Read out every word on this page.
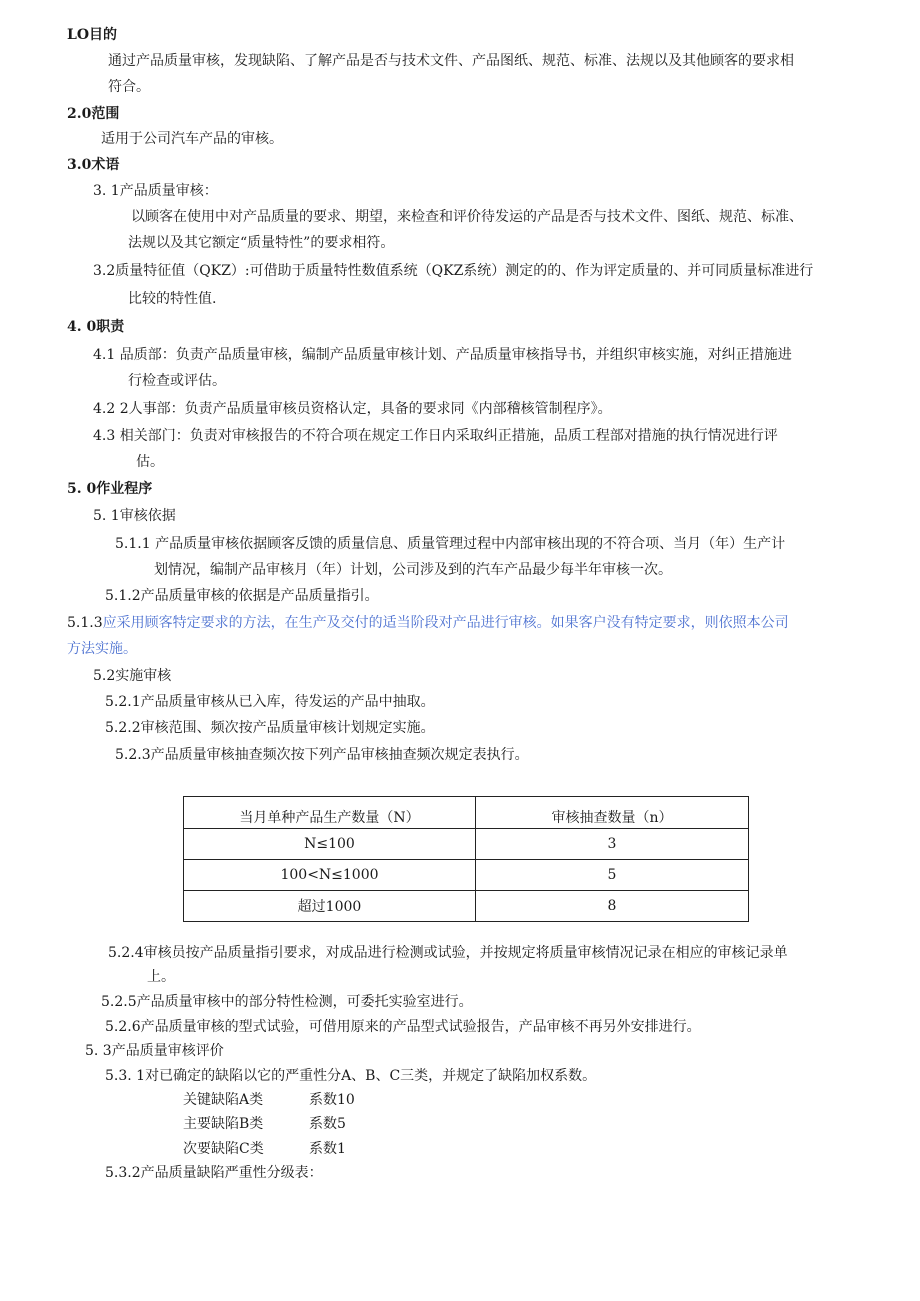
LO目的
通过产品质量审核，发现缺陷、了解产品是否与技术文件、产品图纸、规范、标准、法规以及其他顾客的要求相
符合。
2.0范围
适用于公司汽车产品的审核。
3.0术语
3. 1产品质量审核：
以顾客在使用中对产品质量的要求、期望，来检查和评价待发运的产品是否与技术文件、图纸、规范、标准、
法规以及其它额定“质量特性”的要求相符。
3.2质量特征值（QKZ）:可借助于质量特性数值系统（QKZ系统）测定的的、作为评定质量的、并可同质量标准进行
比较的特性值.
4. 0职责
4.1 品质部：负责产品质量审核，编制产品质量审核计划、产品质量审核指导书，并组织审核实施，对纠正措施进
行检查或评估。
4.2 2人事部：负责产品质量审核员资格认定，具备的要求同《内部稽核管制程序》。
4.3 相关部门：负责对审核报告的不符合项在规定工作日内采取纠正措施，品质工程部对措施的执行情况进行评
估。
5. 0作业程序
5. 1审核依据
5.1.1 产品质量审核依据顾客反馈的质量信息、质量管理过程中内部审核出现的不符合项、当月（年）生产计
划情况，编制产品审核月（年）计划，公司涉及到的汽车产品最少每半年审核一次。
5.1.2产品质量审核的依据是产品质量指引。
5.1.3应采用顾客特定要求的方法，在生产及交付的适当阶段对产品进行审核。如果客户没有特定要求，则依照本公司
方法实施。
5.2实施审核
5.2.1产品质量审核从已入库，待发运的产品中抽取。
5.2.2审核范围、频次按产品质量审核计划规定实施。
5.2.3产品质量审核抽查频次按下列产品审核抽查频次规定表执行。
当月单种产品生产数量（N）	审核抽查数量（n）
N≤100	3
100<N≤1000	5
超过1000	8
5.2.4审核员按产品质量指引要求，对成品进行检测或试验，并按规定将质量审核情况记录在相应的审核记录单
上。
5.2.5产品质量审核中的部分特性检测，可委托实验室进行。
5.2.6产品质量审核的型式试验，可借用原来的产品型式试验报告，产品审核不再另外安排进行。
5. 3产品质量审核评价
5.3. 1对已确定的缺陷以它的严重性分A、B、C三类，并规定了缺陷加权系数。
关键缺陷A类	系数10
主要缺陷B类	系数5
次要缺陷C类	系数1
5.3.2产品质量缺陷严重性分级表：
